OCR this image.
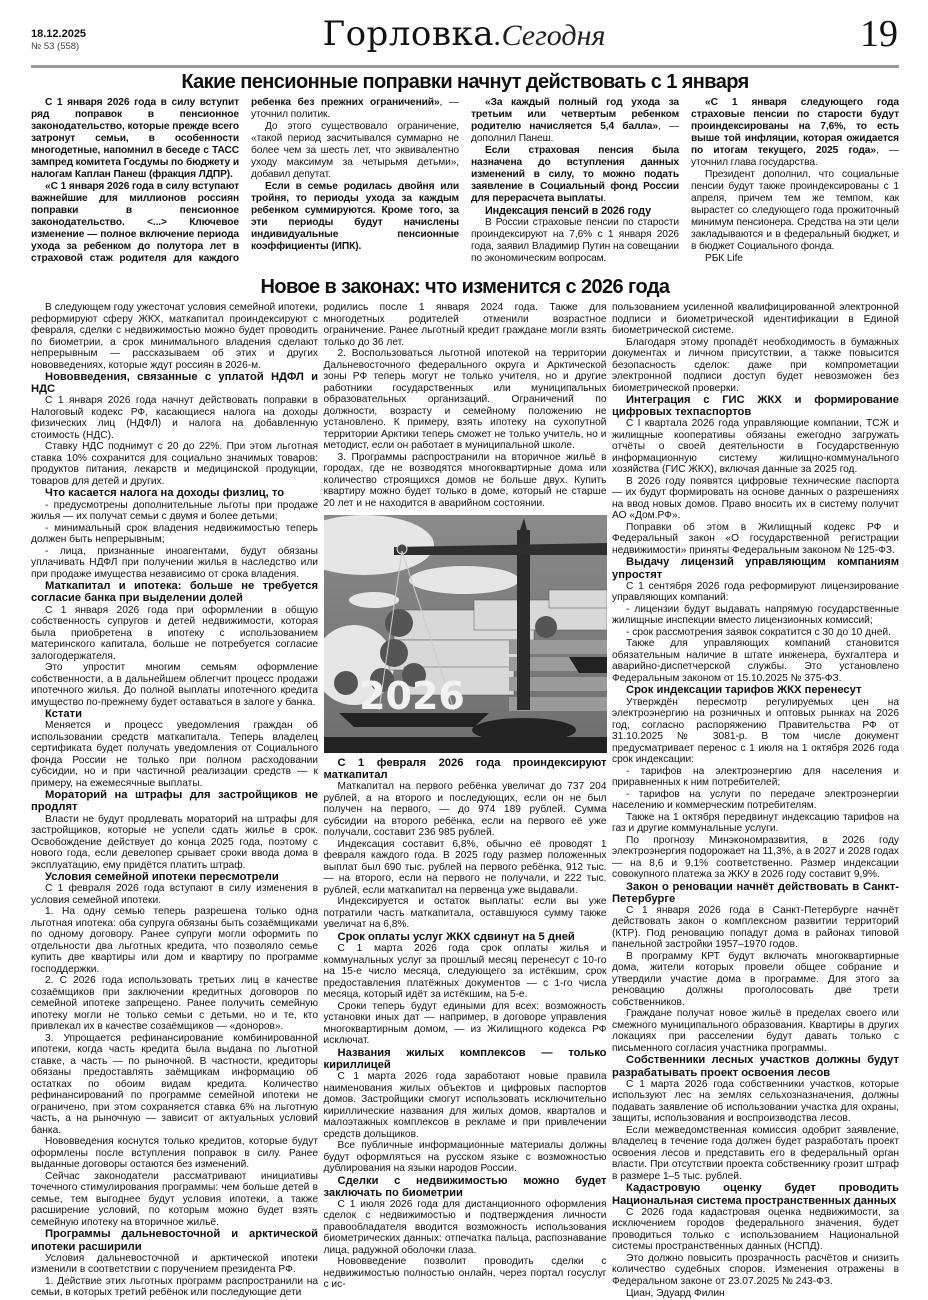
18.12.2025
№ 53 (558)	Горловка.Сегодня	19
Какие пенсионные поправки начнут действовать с 1 января

С 1 января 2026 года в силу вступит ряд поправок в пенсионное законодательство, которые прежде всего затронут семьи, в особенности многодетные, напомнил в беседе с ТАСС зампред комитета Госдумы по бюджету и налогам Каплан Панеш (фракция ЛДПР).

«С 1 января 2026 года в силу вступают важнейшие для миллионов россиян поправки в пенсионное законодательство. <...> Ключевое изменение — полное включение периода ухода за ребенком до полутора лет в страховой стаж родителя для каждого ребенка без прежних ограничений», — уточнил политик.

До этого существовало ограничение, «такой период засчитывался суммарно не более чем за шесть лет, что эквивалентно уходу максимум за четырьмя детьми», добавил депутат.

Если в семье родилась двойня или тройня, то периоды ухода за каждым ребенком суммируются. Кроме того, за эти периоды будут начислены индивидуальные пенсионные коэффициенты (ИПК).

«За каждый полный год ухода за третьим или четвертым ребенком родителю начисляется 5,4 балла», — дополнил Панеш.

Если страховая пенсия была назначена до вступления данных изменений в силу, то можно подать заявление в Социальный фонд России для перерасчета выплаты.

Индексация пенсий в 2026 году

В России страховые пенсии по старости проиндексируют на 7,6% с 1 января 2026 года, заявил Владимир Путин на совещании по экономическим вопросам.

«С 1 января следующего года страховые пенсии по старости будут проиндексированы на 7,6%, то есть выше той инфляции, которая ожидается по итогам текущего, 2025 года», — уточнил глава государства.

Президент дополнил, что социальные пенсии будут также проиндексированы с 1 апреля, причем тем же темпом, как вырастет со следующего года прожиточный минимум пенсионера. Средства на эти цели закладываются и в федеральный бюджет, и в бюджет Социального фонда.

РБК Life

Новое в законах: что изменится с 2026 года

В следующем году ужесточат условия семейной ипотеки, реформируют сферу ЖКХ, маткапитал проиндексируют с февраля, сделки с недвижимостью можно будет проводить по биометрии, а срок минимального владения сделают непрерывным — рассказываем об этих и других нововведениях, которые ждут россиян в 2026-м.

Нововведения, связанные с уплатой НДФЛ и НДС

С 1 января 2026 года начнут действовать поправки в Налоговый кодекс РФ, касающиеся налога на доходы физических лиц (НДФЛ) и налога на добавленную стоимость (НДС).

Ставку НДС поднимут с 20 до 22%. При этом льготная ставка 10% сохранится для социально значимых товаров: продуктов питания, лекарств и медицинской продукции, товаров для детей и других.

Что касается налога на доходы физлиц, то

- предусмотрены дополнительные льготы при продаже жилья — их получат семьи с двумя и более детьми;

- минимальный срок владения недвижимостью теперь должен быть непрерывным;

- лица, признанные иноагентами, будут обязаны уплачивать НДФЛ при получении жилья в наследство или при продаже имущества независимо от срока владения.

Маткапитал и ипотека: больше не требуется согласие банка при выделении долей

С 1 января 2026 года при оформлении в общую собственность супругов и детей недвижимости, которая была приобретена в ипотеку с использованием материнского капитала, больше не потребуется согласие залогодержателя.

Это упростит многим семьям оформление собственности, а в дальнейшем облегчит процесс продажи ипотечного жилья. До полной выплаты ипотечного кредита имущество по-прежнему будет оставаться в залоге у банка.

Кстати

Меняется и процесс уведомления граждан об использовании средств маткапитала. Теперь владелец сертификата будет получать уведомления от Социального фонда России не только при полном расходовании субсидии, но и при частичной реализации средств — к примеру, на ежемесячные выплаты.

Мораторий на штрафы для застройщиков не продлят

Власти не будут продлевать мораторий на штрафы для застройщиков, которые не успели сдать жилье в срок. Освобождение действует до конца 2025 года, поэтому с нового года, если девелопер срывает сроки ввода дома в эксплуатацию, ему придётся платить штраф.

Условия семейной ипотеки пересмотрели

С 1 февраля 2026 года вступают в силу изменения в условия семейной ипотеки.

1. На одну семью теперь разрешена только одна льготная ипотека: оба супруга обязаны быть созаёмщиками по одному договору. Ранее супруги могли оформить по отдельности два льготных кредита, что позволяло семье купить две квартиры или дом и квартиру по программе господдержки.

2. С 2026 года использовать третьих лиц в качестве созаёмщиков при заключении кредитных договоров по семейной ипотеке запрещено. Ранее получить семейную ипотеку могли не только семьи с детьми, но и те, кто привлекал их в качестве созаёмщиков — «доноров».

3. Упрощается рефинансирование комбинированной ипотеки, когда часть кредита была выдана по льготной ставке, а часть — по рыночной. В частности, кредиторы обязаны предоставлять заёмщикам информацию об остатках по обоим видам кредита. Количество рефинансирований по программе семейной ипотеки не ограничено, при этом сохраняется ставка 6% на льготную часть, а на рыночную — зависит от актуальных условий банка.

Нововведения коснутся только кредитов, которые будут оформлены после вступления поправок в силу. Ранее выданные договоры остаются без изменений.

Сейчас законодатели рассматривают инициативы точечного стимулирования программы: чем больше детей в семье, тем выгоднее будут условия ипотеки, а также расширение условий, по которым можно будет взять семейную ипотеку на вторичное жильё.

Программы дальневосточной и арктической ипотеки расширили

Условия дальневосточной и арктической ипотеки изменили в соответствии с поручением президента РФ.

1. Действие этих льготных программ распространили на семьи, в которых третий ребёнок или последующие дети

родились после 1 января 2024 года. Также для многодетных родителей отменили возрастное ограничение. Ранее льготный кредит граждане могли взять только до 36 лет.

2. Воспользоваться льготной ипотекой на территории Дальневосточного федерального округа и Арктической зоны РФ теперь могут не только учителя, но и другие работники государственных или муниципальных образовательных организаций. Ограничений по должности, возрасту и семейному положению не установлено. К примеру, взять ипотеку на сухопутной территории Арктики теперь сможет не только учитель, но и методист, если он работает в муниципальной школе.

3. Программы распространили на вторичное жильё в городах, где не возводятся многоквартирные дома или количество строящихся домов не больше двух. Купить квартиру можно будет только в доме, который не старше 20 лет и не находится в аварийном состоянии.

2026

С 1 февраля 2026 года проиндексируют маткапитал

Маткапитал на первого ребёнка увеличат до 737 204 рублей, а на второго и последующих, если он не был получен на первого, — до 974 189 рублей. Сумма субсидии на второго ребёнка, если на первого её уже получали, составит 236 985 рублей.

Индексация составит 6,8%, обычно её проводят 1 февраля каждого года. В 2025 году размер положенных выплат был 690 тыс. рублей на первого ребёнка, 912 тыс. — на второго, если на первого не получали, и 222 тыс. рублей, если маткапитал на первенца уже выдавали.

Индексируется и остаток выплаты: если вы уже потратили часть маткапитала, оставшуюся сумму также увеличат на 6,8%.

Срок оплаты услуг ЖКХ сдвинут на 5 дней

С 1 марта 2026 года срок оплаты жилья и коммунальных услуг за прошлый месяц перенесут с 10-го на 15-е число месяца, следующего за истёкшим, срок предоставления платёжных документов — с 1-го числа месяца, который идёт за истёкшим, на 5-е.

Сроки теперь будут едиными для всех: возможность установки иных дат — например, в договоре управления многоквартирным домом, — из Жилищного кодекса РФ исключат.

Названия жилых комплексов — только кириллицей

С 1 марта 2026 года заработают новые правила наименования жилых объектов и цифровых паспортов домов. Застройщики смогут использовать исключительно кириллические названия для жилых домов, кварталов и малоэтажных комплексов в рекламе и при привлечении средств дольщиков.

Все публичные информационные материалы должны будут оформляться на русском языке с возможностью дублирования на языки народов России.

Сделки с недвижимостью можно будет заключать по биометрии

С 1 июля 2026 года для дистанционного оформления сделок с недвижимостью и подтверждения личности правообладателя вводится возможность использования биометрических данных: отпечатка пальца, распознавание лица, радужной оболочки глаза.

Нововведение позволит проводить сделки с недвижимостью полностью онлайн, через портал госуслуг с ис-

пользованием усиленной квалифицированной электронной подписи и биометрической идентификации в Единой биометрической системе.

Благодаря этому пропадёт необходимость в бумажных документах и личном присутствии, а также повысится безопасность сделок: даже при компрометации электронной подписи доступ будет невозможен без биометрической проверки.

Интеграция с ГИС ЖКХ и формирование цифровых техпаспортов

С I квартала 2026 года управляющие компании, ТСЖ и жилищные кооперативы обязаны ежегодно загружать отчёты о своей деятельности в Государственную информационную систему жилищно-коммунального хозяйства (ГИС ЖКХ), включая данные за 2025 год.

В 2026 году появятся цифровые технические паспорта — их будут формировать на основе данных о разрешениях на ввод новых домов. Право вносить их в систему получит АО «Дом.РФ».

Поправки об этом в Жилищный кодекс РФ и Федеральный закон «О государственной регистрации недвижимости» приняты Федеральным законом № 125-ФЗ.

Выдачу лицензий управляющим компаниям упростят

С 1 сентября 2026 года реформируют лицензирование управляющих компаний:

- лицензии будут выдавать напрямую государственные жилищные инспекции вместо лицензионных комиссий;

- срок рассмотрения заявок сократится с 30 до 10 дней.

Также для управляющих компаний становится обязательным наличие в штате инженера, бухгалтера и аварийно-диспетчерской службы. Это установлено Федеральным законом от 15.10.2025 № 375-ФЗ.

Срок индексации тарифов ЖКХ перенесут

Утверждён пересмотр регулируемых цен на электроэнергию на розничных и оптовых рынках на 2026 год, согласно распоряжению Правительства РФ от 31.10.2025 № 3081-р. В том числе документ предусматривает перенос с 1 июля на 1 октября 2026 года срок индексации:

- тарифов на электроэнергию для населения и приравненных к ним потребителей;

- тарифов на услуги по передаче электроэнергии населению и коммерческим потребителям.

Также на 1 октября передвинут индексацию тарифов на газ и другие коммунальные услуги.

По прогнозу Минэкономразвития, в 2026 году электроэнергия подорожает на 11,3%, а в 2027 и 2028 годах — на 8,6 и 9,1% соответственно. Размер индексации совокупного платежа за ЖКУ в 2026 году составит 9,9%.

Закон о реновации начнёт действовать в Санкт-Петербурге

С 1 января 2026 года в Санкт-Петербурге начнёт действовать закон о комплексном развитии территорий (КТР). Под реновацию попадут дома в районах типовой панельной застройки 1957–1970 годов.

В программу КРТ будут включать многоквартирные дома, жители которых провели общее собрание и утвердили участие дома в программе. Для этого за реновацию должны проголосовать две трети собственников.

Граждане получат новое жильё в пределах своего или смежного муниципального образования. Квартиры в других локациях при расселении будут давать только с письменного согласия участника программы.

Собственники лесных участков должны будут разрабатывать проект освоения лесов

С 1 марта 2026 года собственники участков, которые используют лес на землях сельхозназначения, должны подавать заявление об использовании участка для охраны, защиты, использования и воспроизводства лесов.

Если межведомственная комиссия одобрит заявление, владелец в течение года должен будет разработать проект освоения лесов и представить его в федеральный орган власти. При отсутствии проекта собственнику грозит штраф в размере 1–5 тыс. рублей.

Кадастровую оценку будет проводить Национальная система пространственных данных

С 2026 года кадастровая оценка недвижимости, за исключением городов федерального значения, будет проводиться только с использованием Национальной системы пространственных данных (НСПД).

Это должно повысить прозрачность расчётов и снизить количество судебных споров. Изменения отражены в Федеральном законе от 23.07.2025 № 243-ФЗ.

Циан, Эдуард Филин
